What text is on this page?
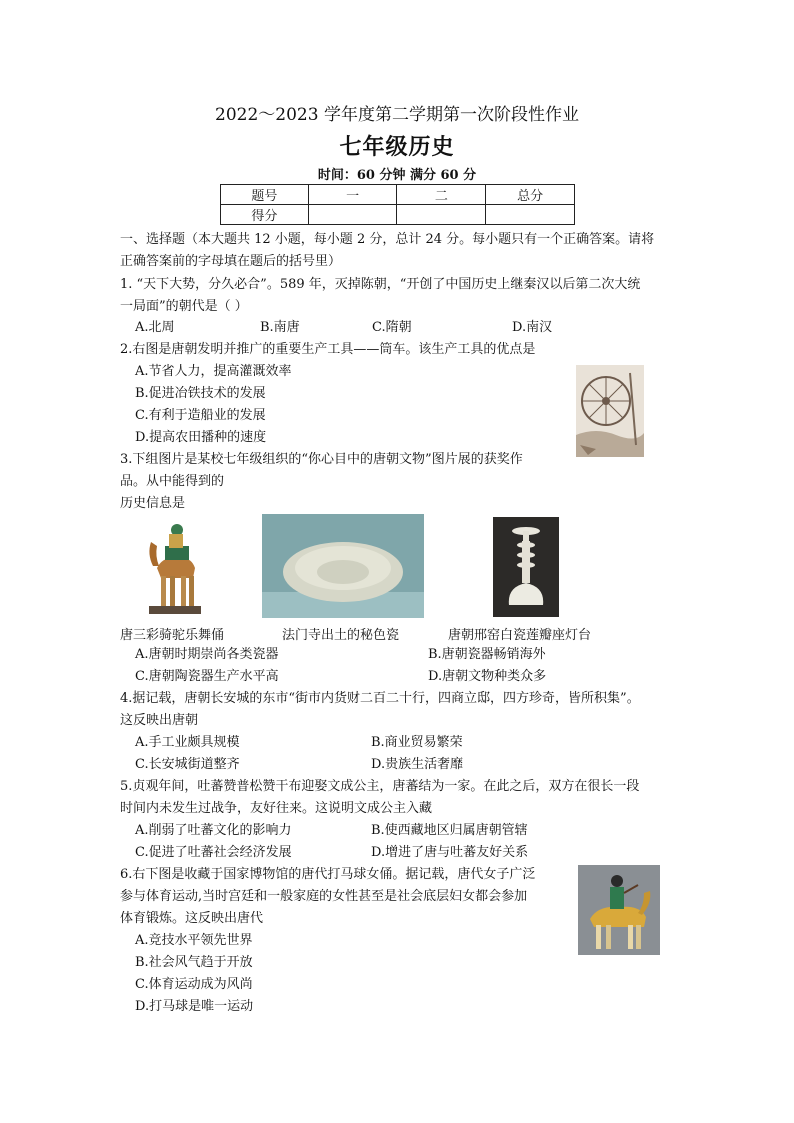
2022～2023 学年度第二学期第一次阶段性作业
七年级历史
时间：60 分钟 满分 60 分
题号	一	二	总分
得分			
一、选择题（本大题共 12 小题，每小题 2 分，总计 24 分。每小题只有一个正确答案。请将
正确答案前的字母填在题后的括号里）
1. “天下大势，分久必合”。589 年，灭掉陈朝，“开创了中国历史上继秦汉以后第二次大统
一局面”的朝代是（ ）
A.北周	B.南唐	C.隋朝	D.南汉
2.右图是唐朝发明并推广的重要生产工具——筒车。该生产工具的优点是
A.节省人力，提高灌溉效率
B.促进冶铁技术的发展
C.有利于造船业的发展
D.提高农田播种的速度
3.下组图片是某校七年级组织的“你心目中的唐朝文物”图片展的获奖作
品。从中能得到的
历史信息是
唐三彩骑驼乐舞俑	法门寺出土的秘色瓷	唐朝邢窑白瓷莲瓣座灯台
A.唐朝时期崇尚各类瓷器	B.唐朝瓷器畅销海外
C.唐朝陶瓷器生产水平高	D.唐朝文物种类众多
4.据记载，唐朝长安城的东市“街市内货财二百二十行，四商立邸，四方珍奇，皆所积集”。
这反映出唐朝
A.手工业颇具规模	B.商业贸易繁荣
C.长安城街道整齐	D.贵族生活奢靡
5.贞观年间，吐蕃赞普松赞干布迎娶文成公主，唐蕃结为一家。在此之后，双方在很长一段
时间内未发生过战争，友好往来。这说明文成公主入藏
A.削弱了吐蕃文化的影响力	B.使西藏地区归属唐朝管辖
C.促进了吐蕃社会经济发展	D.增进了唐与吐蕃友好关系
6.右下图是收藏于国家博物馆的唐代打马球女俑。据记载，唐代女子广泛
参与体育运动,当时宫廷和一般家庭的女性甚至是社会底层妇女都会参加
体育锻炼。这反映出唐代
A.竞技水平领先世界
B.社会风气趋于开放
C.体育运动成为风尚
D.打马球是唯一运动
